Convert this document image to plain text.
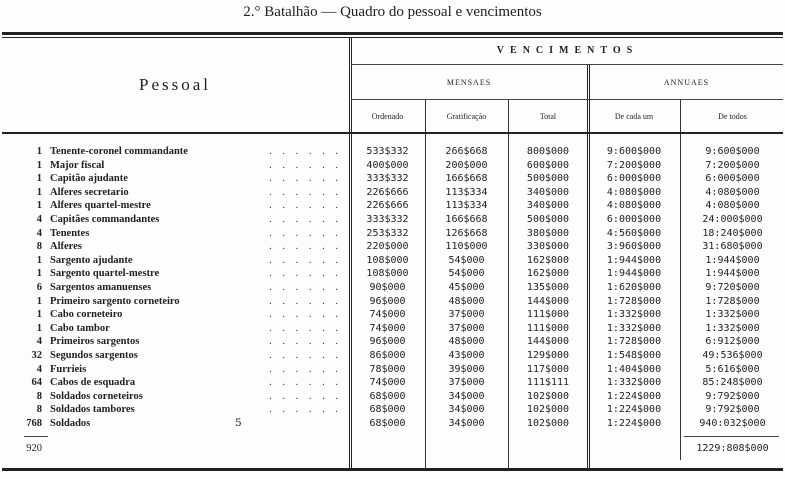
2.° Batalhão — Quadro do pessoal e vencimentos
Pessoal
VENCIMENTOS
MENSAES	ANNUAES
Ordenado	Gratificação	Total	De cada um	De todos
1 Tenente-coronel commandante	. . . . . .	533$332	266$668	800$000	9:600$000	9:600$000
1 Major fiscal	. . . . . .	400$000	200$000	600$000	7:200$000	7:200$000
1 Capitão ajudante	. . . . . .	333$332	166$668	500$000	6:000$000	6:000$000
1 Alferes secretario	. . . . . .	226$666	113$334	340$000	4:080$000	4:080$000
1 Alferes quartel-mestre	. . . . . .	226$666	113$334	340$000	4:080$000	4:080$000
4 Capitães commandantes	. . . . . .	333$332	166$668	500$000	6:000$000	24:000$000
4 Tenentes	. . . . . .	253$332	126$668	380$000	4:560$000	18:240$000
8 Alferes	. . . . . .	220$000	110$000	330$000	3:960$000	31:680$000
1 Sargento ajudante	. . . . . .	108$000	54$000	162$000	1:944$000	1:944$000
1 Sargento quartel-mestre	. . . . . .	108$000	54$000	162$000	1:944$000	1:944$000
6 Sargentos amanuenses	. . . . . .	90$000	45$000	135$000	1:620$000	9:720$000
1 Primeiro sargento corneteiro	. . . . . .	96$000	48$000	144$000	1:728$000	1:728$000
1 Cabo corneteiro	. . . . . .	74$000	37$000	111$000	1:332$000	1:332$000
1 Cabo tambor	. . . . . .	74$000	37$000	111$000	1:332$000	1:332$000
4 Primeiros sargentos	. . . . . .	96$000	48$000	144$000	1:728$000	6:912$000
32 Segundos sargentos	. . . . . .	86$000	43$000	129$000	1:548$000	49:536$000
4 Furrieis	. . . . . .	78$000	39$000	117$000	1:404$000	5:616$000
64 Cabos de esquadra	. . . . . .	74$000	37$000	111$111	1:332$000	85:248$000
8 Soldados corneteiros	. . . . . .	68$000	34$000	102$000	1:224$000	9:792$000
8 Soldados tambores	. . . . . .	68$000	34$000	102$000	1:224$000	9:792$000
768 Soldados	5	68$000	34$000	102$000	1:224$000	940:032$000
920	1229:808$000
